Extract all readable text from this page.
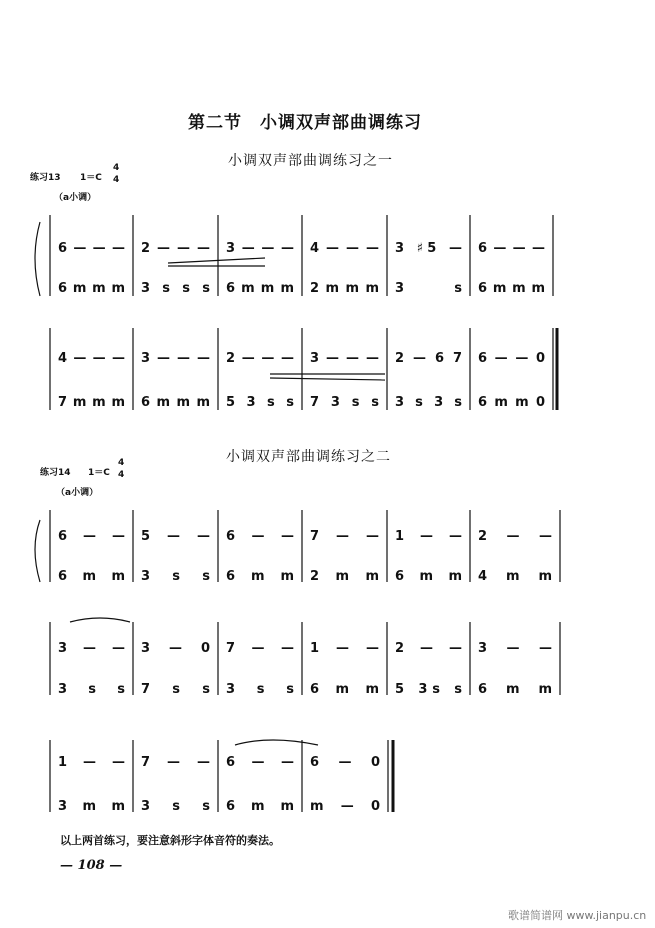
第二节　小调双声部曲调练习
小调双声部曲调练习之一
练习13 1＝C
4
4
（a小调）
6 — — — 2 — — — 3 — — — 4 — — — 3 ♯5 — 6 — — —
6 m m m 3 s s s 6 m m m 2 m m m 3 s 6 m m m
4 — — — 3 — — — 2 — — — 3 — — — 2 — 6 7 6 — — 0
7 m m m 6 m m m 5 3 s s 7 3 s s 3 s 3 s 6 m m 0
6 — — 5 — — 6 — — 7 — — 1 — — 2 — —
6 m m 3 s s 6 m m 2 m m 6 m m 4 m m
3 — — 3 — 0 7 — — 1 — — 2 — — 3 — —
3 s s 7 s s 3 s s 6 m m 5 3s s 6 m m
1 — — 7 — — 6 — — 6 — 0
3 m m 3 s s 6 m m m — 0
小调双声部曲调练习之二
练习14 1＝C
4
4
（a小调）
以上两首练习，要注意斜形字体音符的奏法。
— 108 —
歌谱简谱网 www.jianpu.cn
